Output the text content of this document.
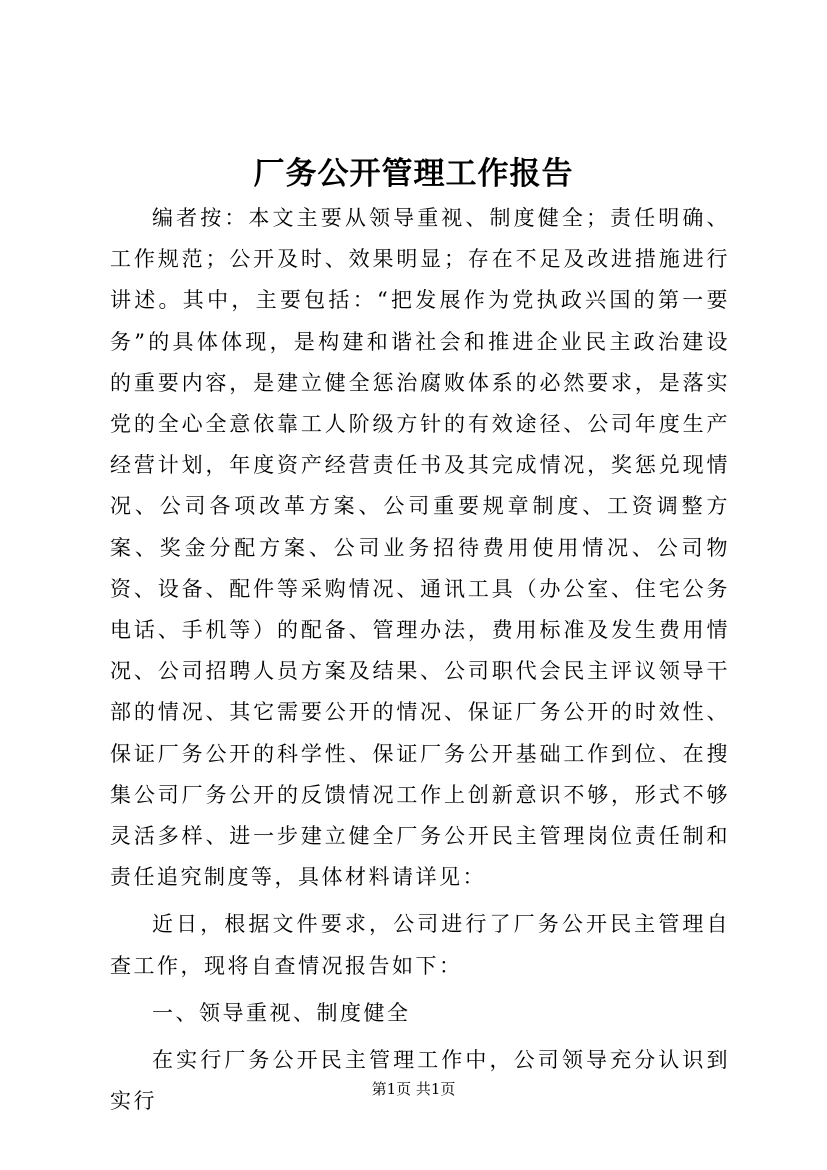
厂务公开管理工作报告

编者按：本文主要从领导重视、制度健全；责任明确、工作规范；公开及时、效果明显；存在不足及改进措施进行讲述。其中，主要包括：“把发展作为党执政兴国的第一要务”的具体体现，是构建和谐社会和推进企业民主政治建设的重要内容，是建立健全惩治腐败体系的必然要求，是落实党的全心全意依靠工人阶级方针的有效途径、公司年度生产经营计划，年度资产经营责任书及其完成情况，奖惩兑现情况、公司各项改革方案、公司重要规章制度、工资调整方案、奖金分配方案、公司业务招待费用使用情况、公司物资、设备、配件等采购情况、通讯工具（办公室、住宅公务电话、手机等）的配备、管理办法，费用标准及发生费用情况、公司招聘人员方案及结果、公司职代会民主评议领导干部的情况、其它需要公开的情况、保证厂务公开的时效性、保证厂务公开的科学性、保证厂务公开基础工作到位、在搜集公司厂务公开的反馈情况工作上创新意识不够，形式不够灵活多样、进一步建立健全厂务公开民主管理岗位责任制和责任追究制度等，具体材料请详见：

近日，根据文件要求，公司进行了厂务公开民主管理自查工作，现将自查情况报告如下：

一、领导重视、制度健全

在实行厂务公开民主管理工作中，公司领导充分认识到实行

第1页 共1页
